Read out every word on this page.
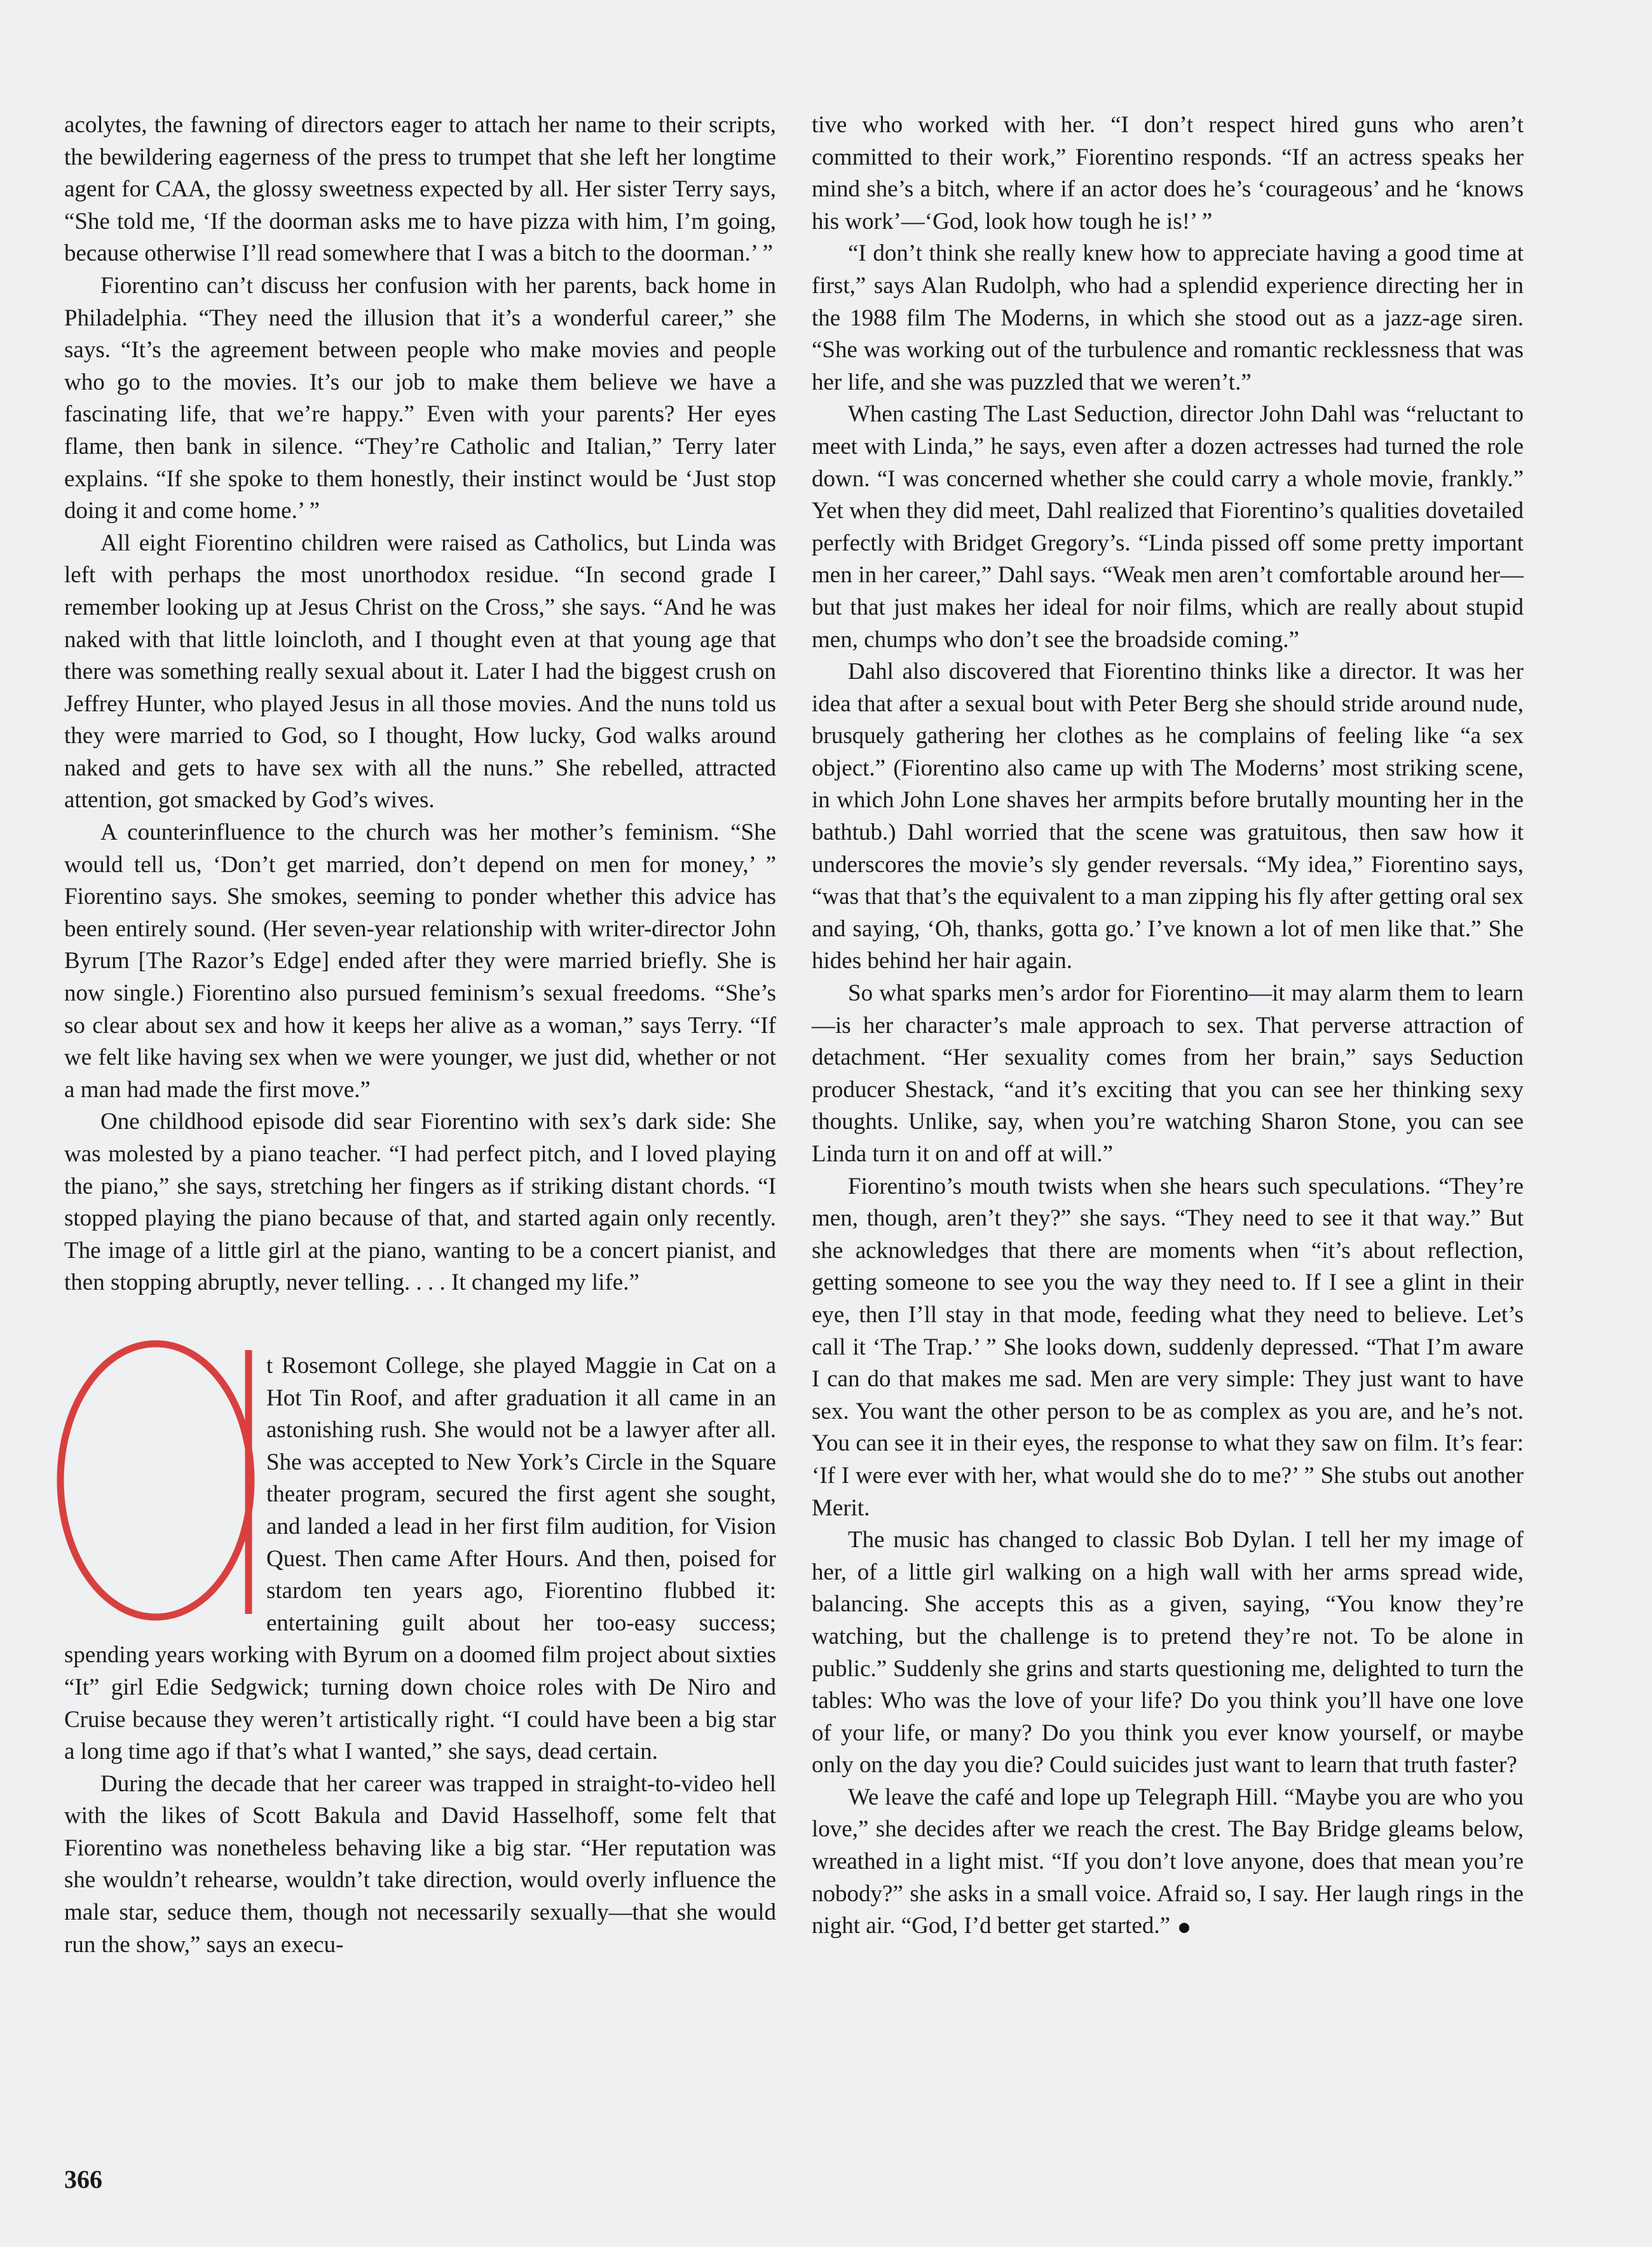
acolytes, the fawning of directors eager to attach her name to their scripts, the bewildering eagerness of the press to trumpet that she left her longtime agent for CAA, the glossy sweetness expected by all. Her sister Terry says, “She told me, ‘If the doorman asks me to have pizza with him, I’m going, because otherwise I’ll read somewhere that I was a bitch to the doorman.’ ”

Fiorentino can’t discuss her confusion with her parents, back home in Philadelphia. “They need the illusion that it’s a wonderful career,” she says. “It’s the agreement between people who make movies and people who go to the movies. It’s our job to make them believe we have a fascinating life, that we’re happy.” Even with your parents? Her eyes flame, then bank in silence. “They’re Catholic and Italian,” Terry later explains. “If she spoke to them honestly, their instinct would be ‘Just stop doing it and come home.’ ”

All eight Fiorentino children were raised as Catholics, but Linda was left with perhaps the most unorthodox residue. “In second grade I remember looking up at Jesus Christ on the Cross,” she says. “And he was naked with that little loincloth, and I thought even at that young age that there was something really sexual about it. Later I had the biggest crush on Jeffrey Hunter, who played Jesus in all those movies. And the nuns told us they were married to God, so I thought, How lucky, God walks around naked and gets to have sex with all the nuns.” She rebelled, attracted attention, got smacked by God’s wives.

A counterinfluence to the church was her mother’s feminism. “She would tell us, ‘Don’t get married, don’t depend on men for money,’ ” Fiorentino says. She smokes, seeming to ponder whether this advice has been entirely sound. (Her seven-year relationship with writer-director John Byrum [The Razor’s Edge] ended after they were married briefly. She is now single.) Fiorentino also pursued feminism’s sexual freedoms. “She’s so clear about sex and how it keeps her alive as a woman,” says Terry. “If we felt like having sex when we were younger, we just did, whether or not a man had made the first move.”

One childhood episode did sear Fiorentino with sex’s dark side: She was molested by a piano teacher. “I had perfect pitch, and I loved playing the piano,” she says, stretching her fingers as if striking distant chords. “I stopped playing the piano because of that, and started again only recently. The image of a little girl at the piano, wanting to be a concert pianist, and then stopping abruptly, never telling. . . . It changed my life.”

t Rosemont College, she played Maggie in Cat on a Hot Tin Roof, and after graduation it all came in an astonishing rush. She would not be a lawyer after all. She was accepted to New York’s Circle in the Square theater program, secured the first agent she sought, and landed a lead in her first film audition, for Vision Quest. Then came After Hours. And then, poised for stardom ten years ago, Fiorentino flubbed it: entertaining guilt about her too-easy success; spending years working with Byrum on a doomed film project about sixties “It” girl Edie Sedgwick; turning down choice roles with De Niro and Cruise because they weren’t artistically right. “I could have been a big star a long time ago if that’s what I wanted,” she says, dead certain.

During the decade that her career was trapped in straight-to-video hell with the likes of Scott Bakula and David Hasselhoff, some felt that Fiorentino was nonetheless behaving like a big star. “Her reputation was she wouldn’t rehearse, wouldn’t take direction, would overly influence the male star, seduce them, though not necessarily sexually—that she would run the show,” says an execu-

tive who worked with her. “I don’t respect hired guns who aren’t committed to their work,” Fiorentino responds. “If an actress speaks her mind she’s a bitch, where if an actor does he’s ‘courageous’ and he ‘knows his work’—‘God, look how tough he is!’ ”

“I don’t think she really knew how to appreciate having a good time at first,” says Alan Rudolph, who had a splendid experience directing her in the 1988 film The Moderns, in which she stood out as a jazz-age siren. “She was working out of the turbulence and romantic recklessness that was her life, and she was puzzled that we weren’t.”

When casting The Last Seduction, director John Dahl was “reluctant to meet with Linda,” he says, even after a dozen actresses had turned the role down. “I was concerned whether she could carry a whole movie, frankly.” Yet when they did meet, Dahl realized that Fiorentino’s qualities dovetailed perfectly with Bridget Gregory’s. “Linda pissed off some pretty important men in her career,” Dahl says. “Weak men aren’t comfortable around her—but that just makes her ideal for noir films, which are really about stupid men, chumps who don’t see the broadside coming.”

Dahl also discovered that Fiorentino thinks like a director. It was her idea that after a sexual bout with Peter Berg she should stride around nude, brusquely gathering her clothes as he complains of feeling like “a sex object.” (Fiorentino also came up with The Moderns’ most striking scene, in which John Lone shaves her armpits before brutally mounting her in the bathtub.) Dahl worried that the scene was gratuitous, then saw how it underscores the movie’s sly gender reversals. “My idea,” Fiorentino says, “was that that’s the equivalent to a man zipping his fly after getting oral sex and saying, ‘Oh, thanks, gotta go.’ I’ve known a lot of men like that.” She hides behind her hair again.

So what sparks men’s ardor for Fiorentino—it may alarm them to learn—is her character’s male approach to sex. That perverse attraction of detachment. “Her sexuality comes from her brain,” says Seduction producer Shestack, “and it’s exciting that you can see her thinking sexy thoughts. Unlike, say, when you’re watching Sharon Stone, you can see Linda turn it on and off at will.”

Fiorentino’s mouth twists when she hears such speculations. “They’re men, though, aren’t they?” she says. “They need to see it that way.” But she acknowledges that there are moments when “it’s about reflection, getting someone to see you the way they need to. If I see a glint in their eye, then I’ll stay in that mode, feeding what they need to believe. Let’s call it ‘The Trap.’ ” She looks down, suddenly depressed. “That I’m aware I can do that makes me sad. Men are very simple: They just want to have sex. You want the other person to be as complex as you are, and he’s not. You can see it in their eyes, the response to what they saw on film. It’s fear: ‘If I were ever with her, what would she do to me?’ ” She stubs out another Merit.

The music has changed to classic Bob Dylan. I tell her my image of her, of a little girl walking on a high wall with her arms spread wide, balancing. She accepts this as a given, saying, “You know they’re watching, but the challenge is to pretend they’re not. To be alone in public.” Suddenly she grins and starts questioning me, delighted to turn the tables: Who was the love of your life? Do you think you’ll have one love of your life, or many? Do you think you ever know yourself, or maybe only on the day you die? Could suicides just want to learn that truth faster?

We leave the café and lope up Telegraph Hill. “Maybe you are who you love,” she decides after we reach the crest. The Bay Bridge gleams below, wreathed in a light mist. “If you don’t love anyone, does that mean you’re nobody?” she asks in a small voice. Afraid so, I say. Her laugh rings in the night air. “God, I’d better get started.”

366
